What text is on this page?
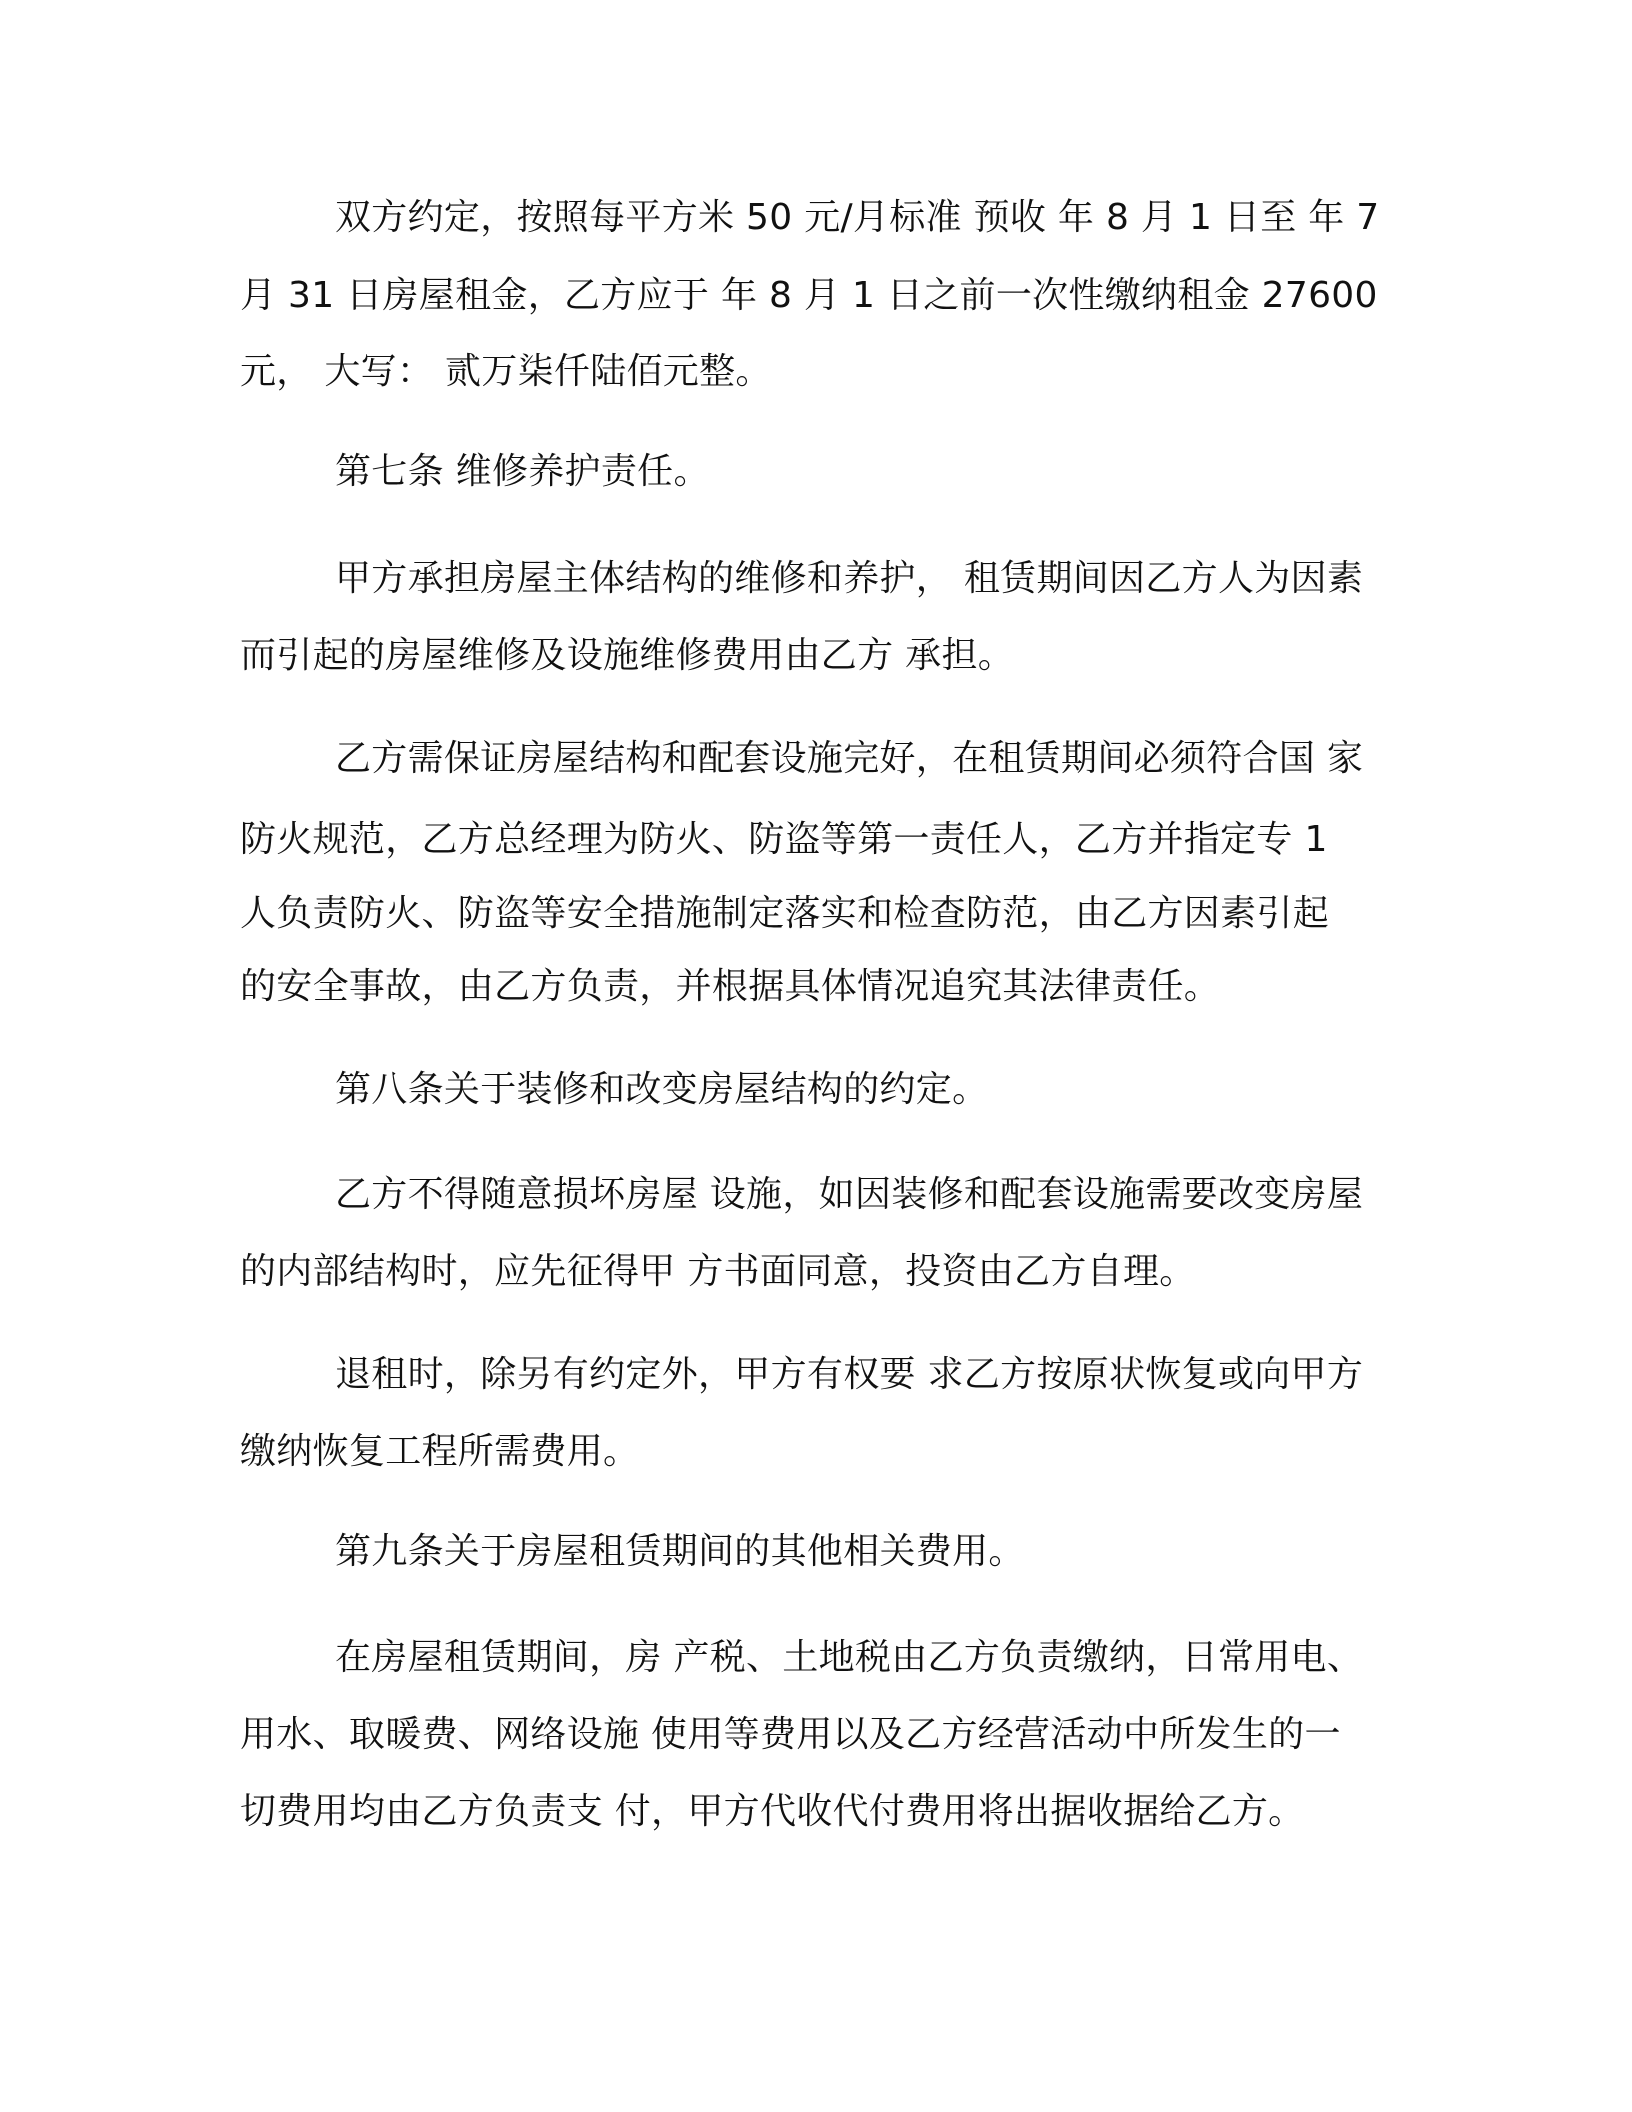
双方约定，按照每平方米 50 元/月标准 预收 年 8 月 1 日至 年 7
月 31 日房屋租金，乙方应于 年 8 月 1 日之前一次性缴纳租金 27600
元， 大写： 贰万柒仟陆佰元整。
第七条 维修养护责任。
甲方承担房屋主体结构的维修和养护， 租赁期间因乙方人为因素
而引起的房屋维修及设施维修费用由乙方 承担。
乙方需保证房屋结构和配套设施完好，在租赁期间必须符合国 家
防火规范，乙方总经理为防火、防盗等第一责任人，乙方并指定专 1
人负责防火、防盗等安全措施制定落实和检查防范，由乙方因素引起
的安全事故，由乙方负责，并根据具体情况追究其法律责任。
第八条关于装修和改变房屋结构的约定。
乙方不得随意损坏房屋 设施，如因装修和配套设施需要改变房屋
的内部结构时，应先征得甲 方书面同意，投资由乙方自理。
退租时，除另有约定外，甲方有权要 求乙方按原状恢复或向甲方
缴纳恢复工程所需费用。
第九条关于房屋租赁期间的其他相关费用。
在房屋租赁期间，房 产税、土地税由乙方负责缴纳，日常用电、
用水、取暖费、网络设施 使用等费用以及乙方经营活动中所发生的一
切费用均由乙方负责支 付，甲方代收代付费用将出据收据给乙方。
